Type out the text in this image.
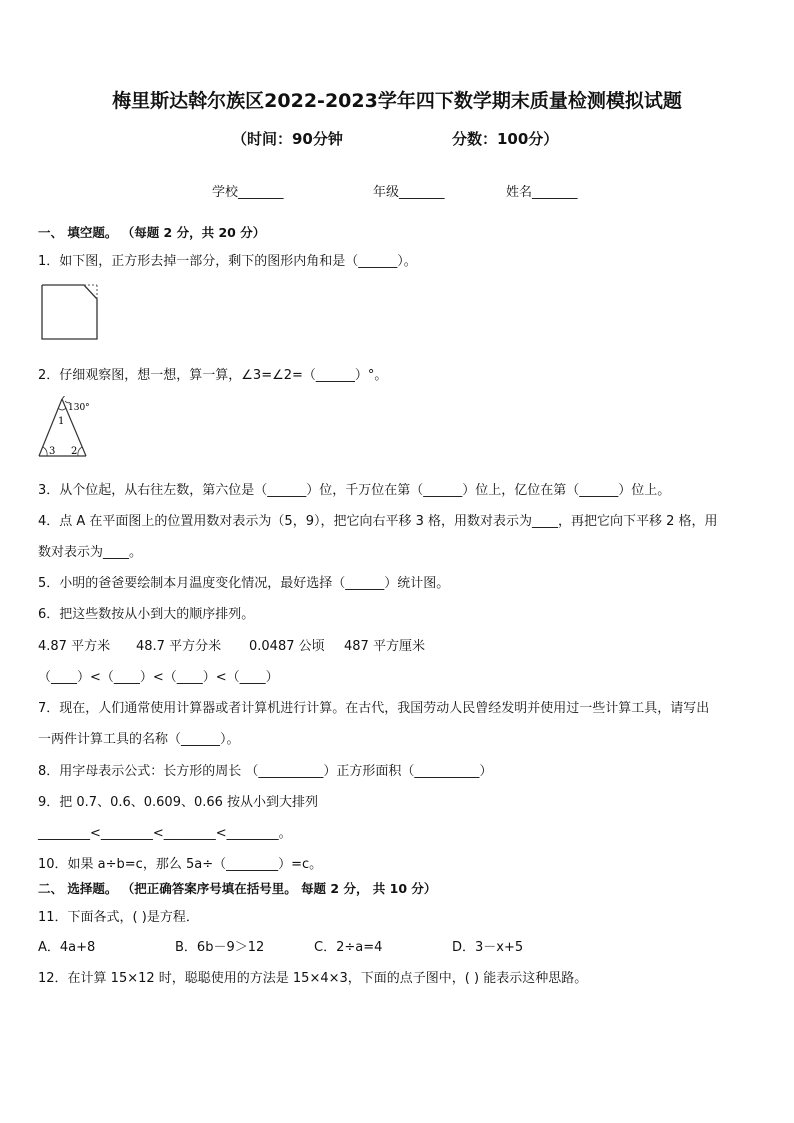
梅里斯达斡尔族区2022-2023学年四下数学期末质量检测模拟试题
（时间：90分钟	分数：100分）
学校_______	年级_______	姓名_______
一、 填空题。 （每题 2 分，共 20 分）
1．如下图，正方形去掉一部分，剩下的图形内角和是（______）。
2．仔细观察图，想一想，算一算，∠3=∠2=（______）°。
130°
1
3 2
3．从个位起，从右往左数，第六位是（______）位，千万位在第（______）位上，亿位在第（______）位上。
4．点 A 在平面图上的位置用数对表示为（5，9），把它向右平移 3 格，用数对表示为____，再把它向下平移 2 格，用
数对表示为____。
5．小明的爸爸要绘制本月温度变化情况，最好选择（______）统计图。
6．把这些数按从小到大的顺序排列。
4.87 平方米 48.7 平方分米 0.0487 公顷 487 平方厘米
（____）<（____）<（____）<（____）
7．现在，人们通常使用计算器或者计算机进行计算。在古代，我国劳动人民曾经发明并使用过一些计算工具，请写出
一两件计算工具的名称（______）。
8．用字母表示公式：长方形的周长 （__________）正方形面积（__________）
9．把 0.7、0.6、0.609、0.66 按从小到大排列
________<________<________<________。
10．如果 a÷b=c，那么 5a÷（________）=c。
二、 选择题。 （把正确答案序号填在括号里。 每题 2 分， 共 10 分）
11．下面各式，( )是方程．
A．4a+8	B．6b－9＞12	C．2÷a=4	D．3－x+5
12．在计算 15×12 时，聪聪使用的方法是 15×4×3，下面的点子图中，( ) 能表示这种思路。
